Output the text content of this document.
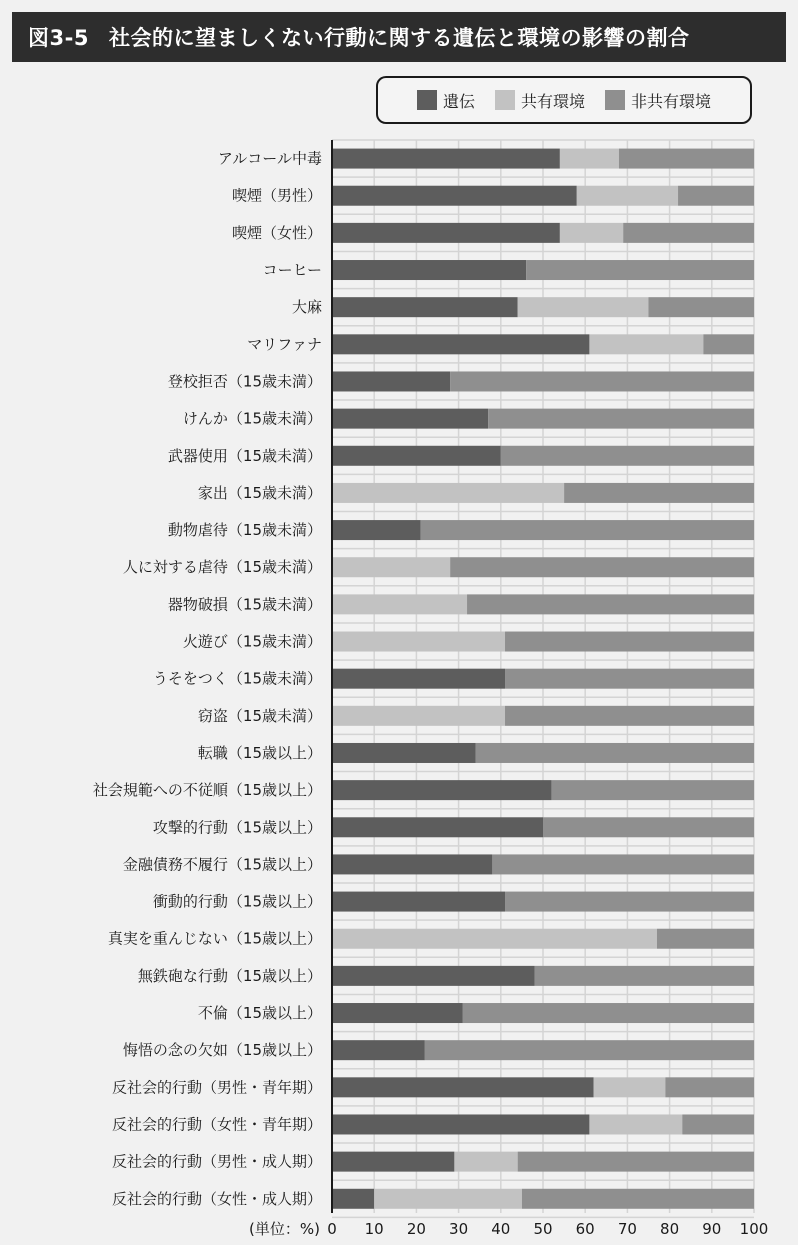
図3-5 社会的に望ましくない行動に関する遺伝と環境の影響の割合
遺伝	共有環境	非共有環境
アルコール中毒
喫煙（男性）
喫煙（女性）
コーヒー
大麻
マリファナ
登校拒否（15歳未満）
けんか（15歳未満）
武器使用（15歳未満）
家出（15歳未満）
動物虐待（15歳未満）
人に対する虐待（15歳未満）
器物破損（15歳未満）
火遊び（15歳未満）
うそをつく（15歳未満）
窃盗（15歳未満）
転職（15歳以上）
社会規範への不従順（15歳以上）
攻撃的行動（15歳以上）
金融債務不履行（15歳以上）
衝動的行動（15歳以上）
真実を重んじない（15歳以上）
無鉄砲な行動（15歳以上）
不倫（15歳以上）
悔悟の念の欠如（15歳以上）
反社会的行動（男性・青年期）
反社会的行動（女性・青年期）
反社会的行動（男性・成人期）
反社会的行動（女性・成人期）
0 10 20 30 40 50 60 70 80 90 100
(単位：%)
